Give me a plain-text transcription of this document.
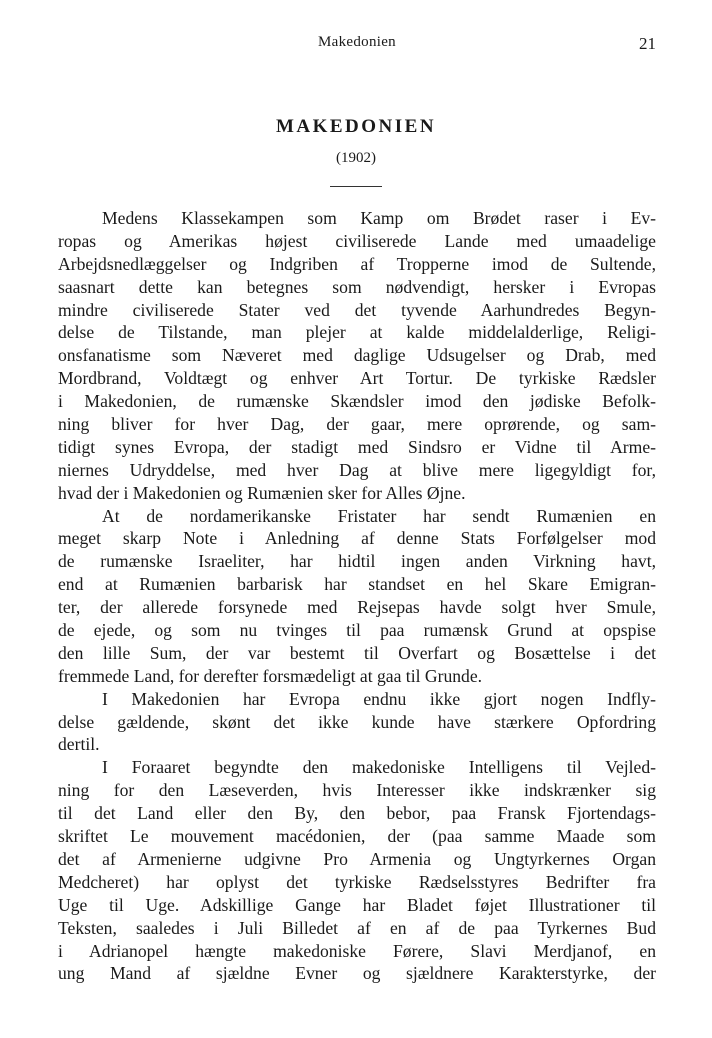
Makedonien	21
MAKEDONIEN
(1902)
Medens Klassekampen som Kamp om Brødet raser i Ev-
ropas og Amerikas højest civiliserede Lande med umaadelige
Arbejdsnedlæggelser og Indgriben af Tropperne imod de Sultende,
saasnart dette kan betegnes som nødvendigt, hersker i Evropas
mindre civiliserede Stater ved det tyvende Aarhundredes Begyn-
delse de Tilstande, man plejer at kalde middelalderlige, Religi-
onsfanatisme som Næveret med daglige Udsugelser og Drab, med
Mordbrand, Voldtægt og enhver Art Tortur. De tyrkiske Rædsler
i Makedonien, de rumænske Skændsler imod den jødiske Befolk-
ning bliver for hver Dag, der gaar, mere oprørende, og sam-
tidigt synes Evropa, der stadigt med Sindsro er Vidne til Arme-
niernes Udryddelse, med hver Dag at blive mere ligegyldigt for,
hvad der i Makedonien og Rumænien sker for Alles Øjne.
At de nordamerikanske Fristater har sendt Rumænien en
meget skarp Note i Anledning af denne Stats Forfølgelser mod
de rumænske Israeliter, har hidtil ingen anden Virkning havt,
end at Rumænien barbarisk har standset en hel Skare Emigran-
ter, der allerede forsynede med Rejsepas havde solgt hver Smule,
de ejede, og som nu tvinges til paa rumænsk Grund at opspise
den lille Sum, der var bestemt til Overfart og Bosættelse i det
fremmede Land, for derefter forsmædeligt at gaa til Grunde.
I Makedonien har Evropa endnu ikke gjort nogen Indfly-
delse gældende, skønt det ikke kunde have stærkere Opfordring
dertil.
I Foraaret begyndte den makedoniske Intelligens til Vejled-
ning for den Læseverden, hvis Interesser ikke indskrænker sig
til det Land eller den By, den bebor, paa Fransk Fjortendags-
skriftet Le mouvement macédonien, der (paa samme Maade som
det af Armenierne udgivne Pro Armenia og Ungtyrkernes Organ
Medcheret) har oplyst det tyrkiske Rædselsstyres Bedrifter fra
Uge til Uge. Adskillige Gange har Bladet føjet Illustrationer til
Teksten, saaledes i Juli Billedet af en af de paa Tyrkernes Bud
i Adrianopel hængte makedoniske Førere, Slavi Merdjanof, en
ung Mand af sjældne Evner og sjældnere Karakterstyrke, der
